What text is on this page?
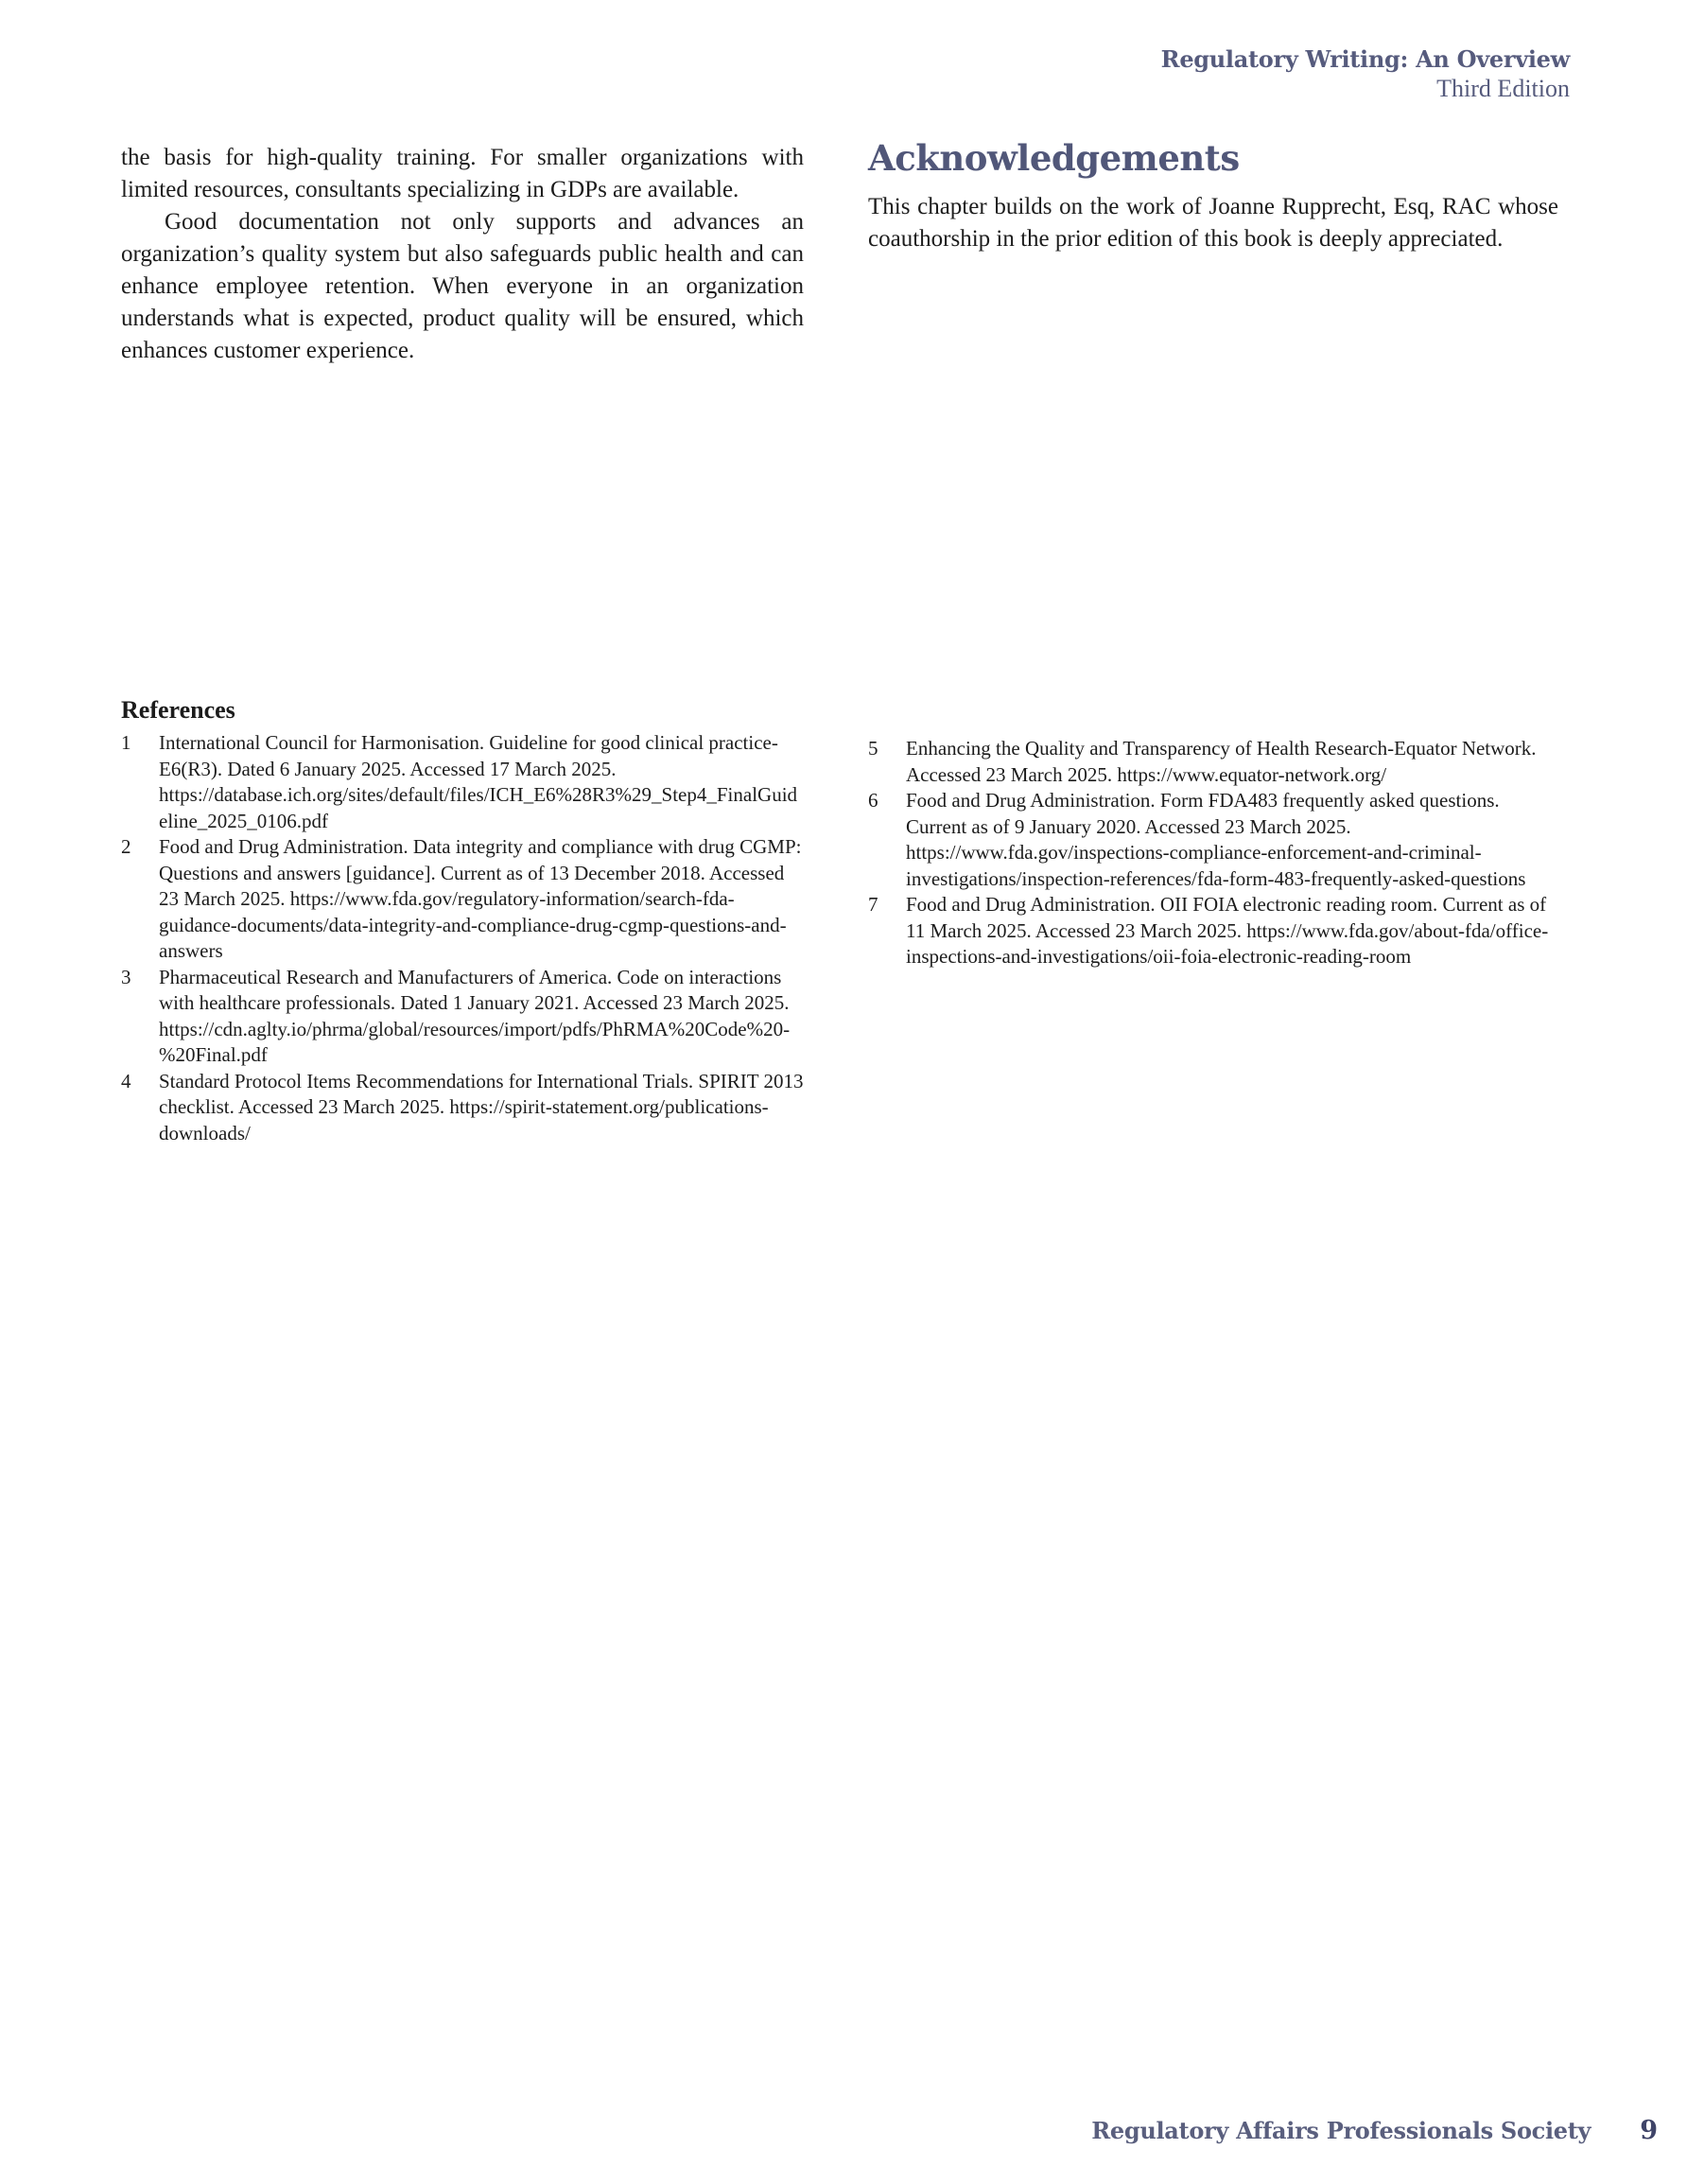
Regulatory Writing: An Overview
Third Edition

the basis for high-quality training. For smaller organizations with limited resources, consultants specializing in GDPs are available.

Good documentation not only supports and advances an organization’s quality system but also safeguards public health and can enhance employee retention. When everyone in an organization understands what is expected, product quality will be ensured, which enhances customer experience.

Acknowledgements

This chapter builds on the work of Joanne Rupprecht, Esq, RAC whose coauthorship in the prior edition of this book is deeply appreciated.

References
1	International Council for Harmonisation. Guideline for good clinical practice-E6(R3). Dated 6 January 2025. Accessed 17 March 2025. https://database.ich.org/sites/default/files/ICH_E6%28R3%29_Step4_FinalGuideline_2025_0106.pdf
2	Food and Drug Administration. Data integrity and compliance with drug CGMP: Questions and answers [guidance]. Current as of 13 December 2018. Accessed 23 March 2025. https://www.fda.gov/regulatory-information/search-fda-guidance-documents/data-integrity-and-compliance-drug-cgmp-questions-and-answers
3	Pharmaceutical Research and Manufacturers of America. Code on interactions with healthcare professionals. Dated 1 January 2021. Accessed 23 March 2025. https://cdn.aglty.io/phrma/global/resources/import/pdfs/PhRMA%20Code%20-%20Final.pdf
4	Standard Protocol Items Recommendations for International Trials. SPIRIT 2013 checklist. Accessed 23 March 2025. https://spirit-statement.org/publications-downloads/
5	Enhancing the Quality and Transparency of Health Research-Equator Network. Accessed 23 March 2025. https://www.equator-network.org/
6	Food and Drug Administration. Form FDA483 frequently asked questions. Current as of 9 January 2020. Accessed 23 March 2025. https://www.fda.gov/inspections-compliance-enforcement-and-criminal-investigations/inspection-references/fda-form-483-frequently-asked-questions
7	Food and Drug Administration. OII FOIA electronic reading room. Current as of 11 March 2025. Accessed 23 March 2025. https://www.fda.gov/about-fda/office-inspections-and-investigations/oii-foia-electronic-reading-room
Regulatory Affairs Professionals Society 9
